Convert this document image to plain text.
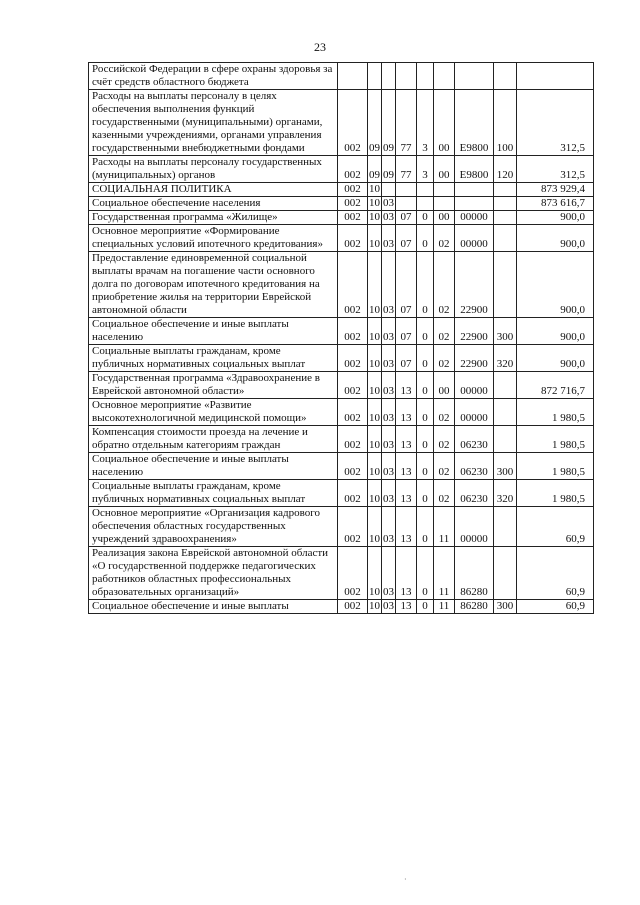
23
Российской Федерации в сфере охраны здоровья за счёт средств областного бюджета									
Расходы на выплаты персоналу в целях обеспечения выполнения функций государственными (муниципальными) органами, казенными учреждениями, органами управления государственными внебюджетными фондами	002	09	09	77	3	00	Е9800	100	312,5
Расходы на выплаты персоналу государственных (муниципальных) органов	002	09	09	77	3	00	Е9800	120	312,5
СОЦИАЛЬНАЯ ПОЛИТИКА	002	10							873 929,4
Социальное обеспечение населения	002	10	03						873 616,7
Государственная программа «Жилище»	002	10	03	07	0	00	00000		900,0
Основное мероприятие «Формирование специальных условий ипотечного кредитования»	002	10	03	07	0	02	00000		900,0
Предоставление единовременной социальной выплаты врачам на погашение части основного долга по договорам ипотечного кредитования на приобретение жилья на территории Еврейской автономной области	002	10	03	07	0	02	22900		900,0
Социальное обеспечение и иные выплаты населению	002	10	03	07	0	02	22900	300	900,0
Социальные выплаты гражданам, кроме публичных нормативных социальных выплат	002	10	03	07	0	02	22900	320	900,0
Государственная программа «Здравоохранение в Еврейской автономной области»	002	10	03	13	0	00	00000		872 716,7
Основное мероприятие «Развитие высокотехнологичной медицинской помощи»	002	10	03	13	0	02	00000		1 980,5
Компенсация стоимости проезда на лечение и обратно отдельным категориям граждан	002	10	03	13	0	02	06230		1 980,5
Социальное обеспечение и иные выплаты населению	002	10	03	13	0	02	06230	300	1 980,5
Социальные выплаты гражданам, кроме публичных нормативных социальных выплат	002	10	03	13	0	02	06230	320	1 980,5
Основное мероприятие «Организация кадрового обеспечения областных государственных учреждений здравоохранения»	002	10	03	13	0	11	00000		60,9
Реализация закона Еврейской автономной области «О государственной поддержке педагогических работников областных профессиональных образовательных организаций»	002	10	03	13	0	11	86280		60,9
Социальное обеспечение и иные выплаты	002	10	03	13	0	11	86280	300	60,9
·
